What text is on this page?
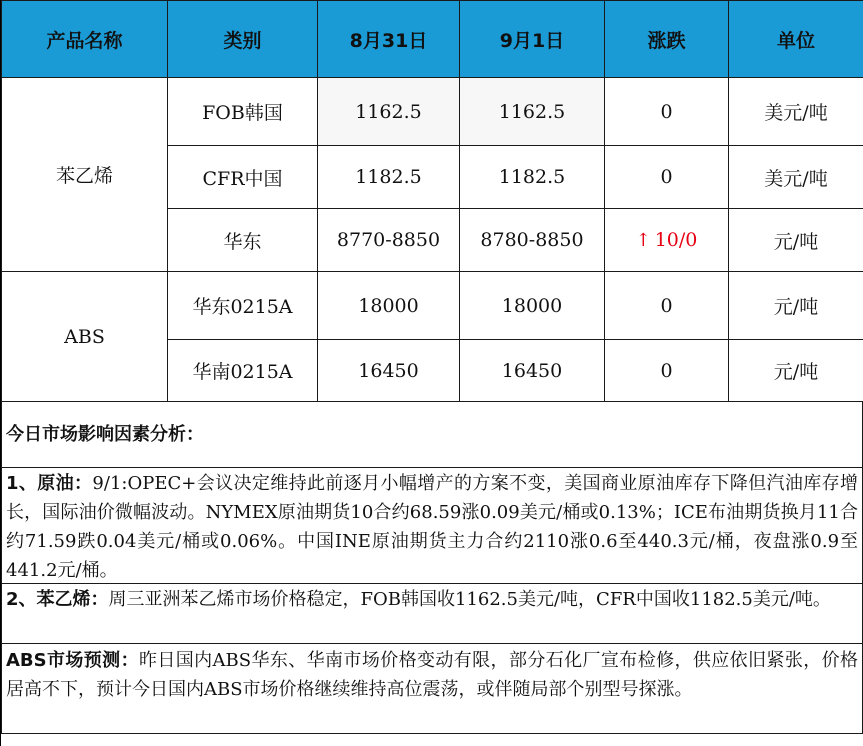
产品名称	类别	8月31日	9月1日	涨跌	单位
苯乙烯	FOB韩国	1162.5	1162.5	0	美元/吨
	CFR中国	1182.5	1182.5	0	美元/吨
	华东	8770-8850	8780-8850	↑ 10/0	元/吨
ABS	华东0215A	18000	18000	0	元/吨
	华南0215A	16450	16450	0	元/吨
今日市场影响因素分析：
1、原油：9/1:OPEC+会议决定维持此前逐月小幅增产的方案不变，美国商业原油库存下降但汽油库存增长，国际油价微幅波动。NYMEX原油期货10合约68.59涨0.09美元/桶或0.13%；ICE布油期货换月11合约71.59跌0.04美元/桶或0.06%。中国INE原油期货主力合约2110涨0.6至440.3元/桶，夜盘涨0.9至441.2元/桶。
2、苯乙烯：周三亚洲苯乙烯市场价格稳定，FOB韩国收1162.5美元/吨，CFR中国收1182.5美元/吨。
ABS市场预测：昨日国内ABS华东、华南市场价格变动有限，部分石化厂宣布检修，供应依旧紧张，价格居高不下，预计今日国内ABS市场价格继续维持高位震荡，或伴随局部个别型号探涨。
